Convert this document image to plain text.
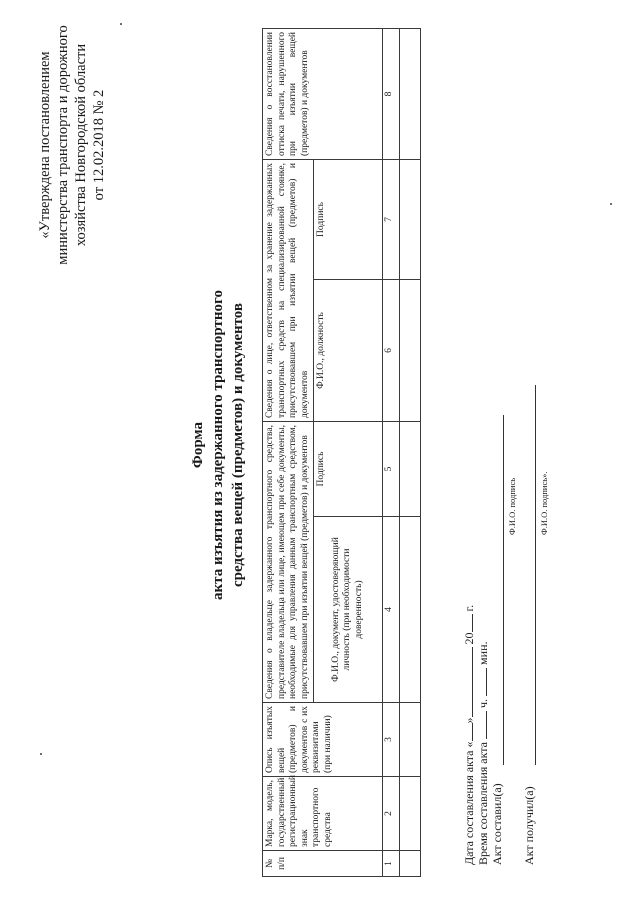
«Утверждена постановлением министерства транспорта и дорожного хозяйства Новгородской области от 12.02.2018 № 2
Форма акта изъятия из задержанного транспортного средства вещей (предметов) и документов
№ п/п	Марка, модель, государственный регистрационный знак транспортного средства	Опись изъятых вещей (предметов) и документов с их реквизитами (при наличии)	Сведения о владельце задержанного транспортного средства, представителе владельца или лице, имеющем при себе документы, необходимые для управления данным транспортным средством, присутствовавшем при изъятии вещей (предметов) и документов		Сведения о лице, ответственном за хранение задержанных транспортных средств на специализированной стоянке, присутствовавшем при изъятии вещей (предметов) и документов		Сведения о восстановлении оттиска печати, нарушенного при изъятии вещей (предметов) и документов
			Ф.И.О., документ, удостоверяющий личность (при необходимости доверенность)	Подпись	Ф.И.О., должность	Подпись	
1	2	3	4	5	6	7	8

Дата составления акта «» 20 г.
Время составления акта  ч.  мин.
Акт составил(а)
Ф.И.О. подпись
Акт получил(а)
Ф.И.О. подпись».
